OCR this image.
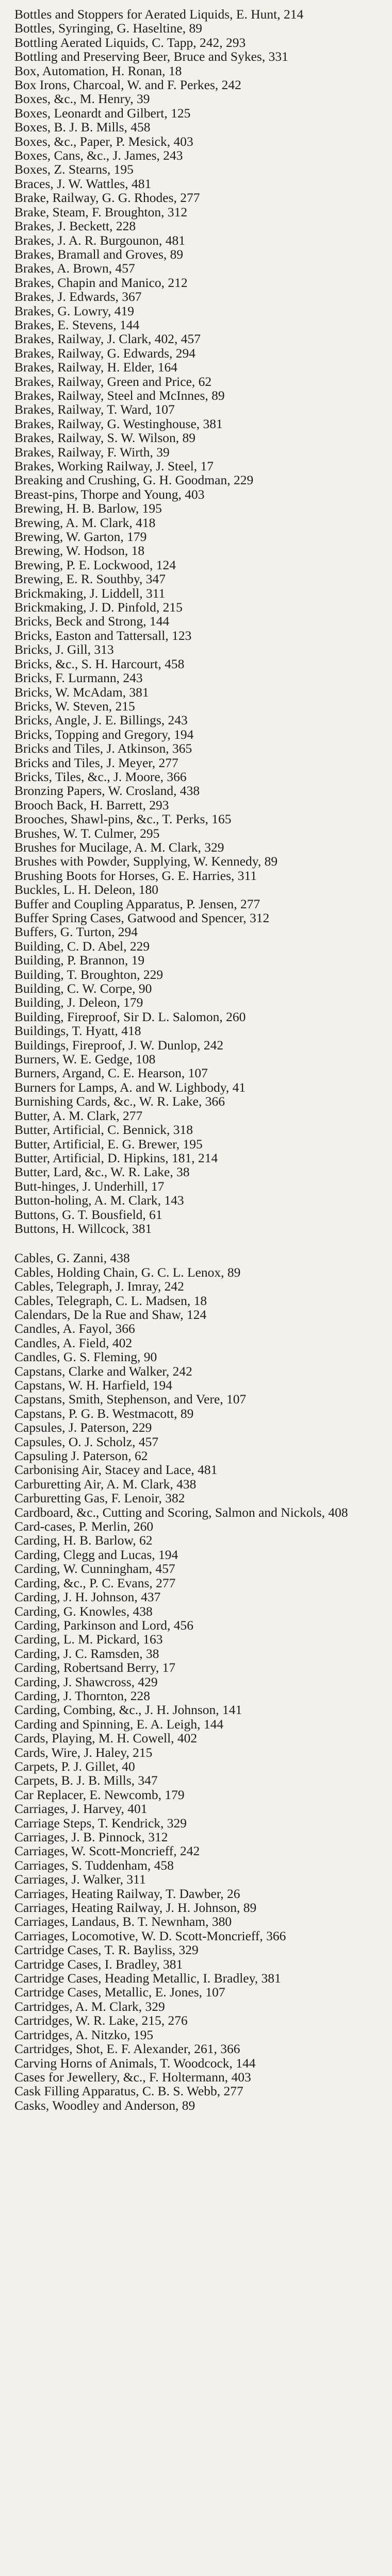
Bottles and Stoppers for Aerated Liquids, E. Hunt, 214
Bottles, Syringing, G. Haseltine, 89
Bottling Aerated Liquids, C. Tapp, 242, 293
Bottling and Preserving Beer, Bruce and Sykes, 331
Box, Automation, H. Ronan, 18
Box Irons, Charcoal, W. and F. Perkes, 242
Boxes, &c., M. Henry, 39
Boxes, Leonardt and Gilbert, 125
Boxes, B. J. B. Mills, 458
Boxes, &c., Paper, P. Mesick, 403
Boxes, Cans, &c., J. James, 243
Boxes, Z. Stearns, 195
Braces, J. W. Wattles, 481
Brake, Railway, G. G. Rhodes, 277
Brake, Steam, F. Broughton, 312
Brakes, J. Beckett, 228
Brakes, J. A. R. Burgounon, 481
Brakes, Bramall and Groves, 89
Brakes, A. Brown, 457
Brakes, Chapin and Manico, 212
Brakes, J. Edwards, 367
Brakes, G. Lowry, 419
Brakes, E. Stevens, 144
Brakes, Railway, J. Clark, 402, 457
Brakes, Railway, G. Edwards, 294
Brakes, Railway, H. Elder, 164
Brakes, Railway, Green and Price, 62
Brakes, Railway, Steel and McInnes, 89
Brakes, Railway, T. Ward, 107
Brakes, Railway, G. Westinghouse, 381
Brakes, Railway, S. W. Wilson, 89
Brakes, Railway, F. Wirth, 39
Brakes, Working Railway, J. Steel, 17
Breaking and Crushing, G. H. Goodman, 229
Breast-pins, Thorpe and Young, 403
Brewing, H. B. Barlow, 195
Brewing, A. M. Clark, 418
Brewing, W. Garton, 179
Brewing, W. Hodson, 18
Brewing, P. E. Lockwood, 124
Brewing, E. R. Southby, 347
Brickmaking, J. Liddell, 311
Brickmaking, J. D. Pinfold, 215
Bricks, Beck and Strong, 144
Bricks, Easton and Tattersall, 123
Bricks, J. Gill, 313
Bricks, &c., S. H. Harcourt, 458
Bricks, F. Lurmann, 243
Bricks, W. McAdam, 381
Bricks, W. Steven, 215
Bricks, Angle, J. E. Billings, 243
Bricks, Topping and Gregory, 194
Bricks and Tiles, J. Atkinson, 365
Bricks and Tiles, J. Meyer, 277
Bricks, Tiles, &c., J. Moore, 366
Bronzing Papers, W. Crosland, 438
Brooch Back, H. Barrett, 293
Brooches, Shawl-pins, &c., T. Perks, 165
Brushes, W. T. Culmer, 295
Brushes for Mucilage, A. M. Clark, 329
Brushes with Powder, Supplying, W. Kennedy, 89
Brushing Boots for Horses, G. E. Harries, 311
Buckles, L. H. Deleon, 180
Buffer and Coupling Apparatus, P. Jensen, 277
Buffer Spring Cases, Gatwood and Spencer, 312
Buffers, G. Turton, 294
Building, C. D. Abel, 229
Building, P. Brannon, 19
Building, T. Broughton, 229
Building, C. W. Corpe, 90
Building, J. Deleon, 179
Building, Fireproof, Sir D. L. Salomon, 260
Buildings, T. Hyatt, 418
Buildings, Fireproof, J. W. Dunlop, 242
Burners, W. E. Gedge, 108
Burners, Argand, C. E. Hearson, 107
Burners for Lamps, A. and W. Lighbody, 41
Burnishing Cards, &c., W. R. Lake, 366
Butter, A. M. Clark, 277
Butter, Artificial, C. Bennick, 318
Butter, Artificial, E. G. Brewer, 195
Butter, Artificial, D. Hipkins, 181, 214
Butter, Lard, &c., W. R. Lake, 38
Butt-hinges, J. Underhill, 17
Button-holing, A. M. Clark, 143
Buttons, G. T. Bousfield, 61
Buttons, H. Willcock, 381
Cables, G. Zanni, 438
Cables, Holding Chain, G. C. L. Lenox, 89
Cables, Telegraph, J. Imray, 242
Cables, Telegraph, C. L. Madsen, 18
Calendars, De la Rue and Shaw, 124
Candles, A. Fayol, 366
Candles, A. Field, 402
Candles, G. S. Fleming, 90
Capstans, Clarke and Walker, 242
Capstans, W. H. Harfield, 194
Capstans, Smith, Stephenson, and Vere, 107
Capstans, P. G. B. Westmacott, 89
Capsules, J. Paterson, 229
Capsules, O. J. Scholz, 457
Capsuling J. Paterson, 62
Carbonising Air, Stacey and Lace, 481
Carburetting Air, A. M. Clark, 438
Carburetting Gas, F. Lenoir, 382
Cardboard, &c., Cutting and Scoring, Salmon and Nickols, 408
Card-cases, P. Merlin, 260
Carding, H. B. Barlow, 62
Carding, Clegg and Lucas, 194
Carding, W. Cunningham, 457
Carding, &c., P. C. Evans, 277
Carding, J. H. Johnson, 437
Carding, G. Knowles, 438
Carding, Parkinson and Lord, 456
Carding, L. M. Pickard, 163
Carding, J. C. Ramsden, 38
Carding, Robertsand Berry, 17
Carding, J. Shawcross, 429
Carding, J. Thornton, 228
Carding, Combing, &c., J. H. Johnson, 141
Carding and Spinning, E. A. Leigh, 144
Cards, Playing, M. H. Cowell, 402
Cards, Wire, J. Haley, 215
Carpets, P. J. Gillet, 40
Carpets, B. J. B. Mills, 347
Car Replacer, E. Newcomb, 179
Carriages, J. Harvey, 401
Carriage Steps, T. Kendrick, 329
Carriages, J. B. Pinnock, 312
Carriages, W. Scott-Moncrieff, 242
Carriages, S. Tuddenham, 458
Carriages, J. Walker, 311
Carriages, Heating Railway, T. Dawber, 26
Carriages, Heating Railway, J. H. Johnson, 89
Carriages, Landaus, B. T. Newnham, 380
Carriages, Locomotive, W. D. Scott-Moncrieff, 366
Cartridge Cases, T. R. Bayliss, 329
Cartridge Cases, I. Bradley, 381
Cartridge Cases, Heading Metallic, I. Bradley, 381
Cartridge Cases, Metallic, E. Jones, 107
Cartridges, A. M. Clark, 329
Cartridges, W. R. Lake, 215, 276
Cartridges, A. Nitzko, 195
Cartridges, Shot, E. F. Alexander, 261, 366
Carving Horns of Animals, T. Woodcock, 144
Cases for Jewellery, &c., F. Holtermann, 403
Cask Filling Apparatus, C. B. S. Webb, 277
Casks, Woodley and Anderson, 89
